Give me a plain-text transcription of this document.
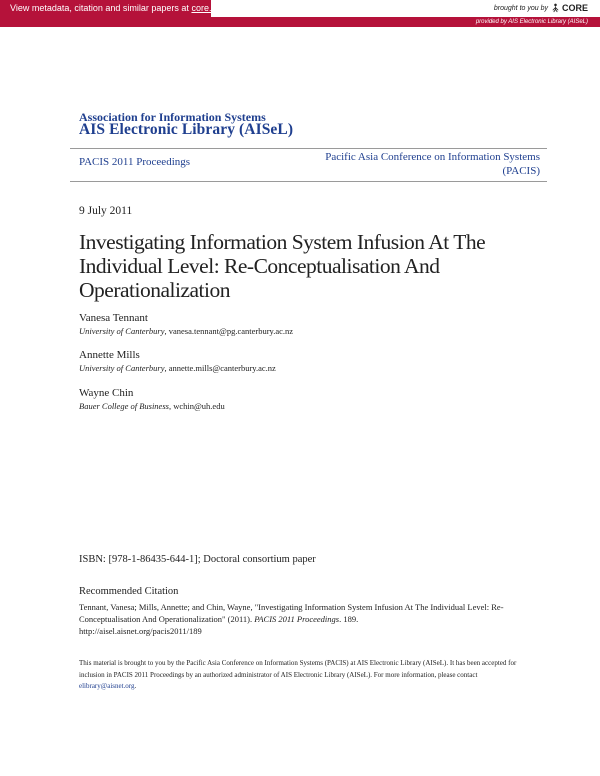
View metadata, citation and similar papers at core.ac.uk	brought to you by CORE
provided by AIS Electronic Library (AISeL)
Association for Information Systems
AIS Electronic Library (AISeL)
PACIS 2011 Proceedings	Pacific Asia Conference on Information Systems
(PACIS)
9 July 2011
Investigating Information System Infusion At The Individual Level: Re-Conceptualisation And Operationalization
Vanesa Tennant
University of Canterbury, vanesa.tennant@pg.canterbury.ac.nz
Annette Mills
University of Canterbury, annette.mills@canterbury.ac.nz
Wayne Chin
Bauer College of Business, wchin@uh.edu
ISBN: [978-1-86435-644-1]; Doctoral consortium paper
Recommended Citation
Tennant, Vanesa; Mills, Annette; and Chin, Wayne, "Investigating Information System Infusion At The Individual Level: Re-Conceptualisation And Operationalization" (2011). PACIS 2011 Proceedings. 189.
http://aisel.aisnet.org/pacis2011/189
This material is brought to you by the Pacific Asia Conference on Information Systems (PACIS) at AIS Electronic Library (AISeL). It has been accepted for inclusion in PACIS 2011 Proceedings by an authorized administrator of AIS Electronic Library (AISeL). For more information, please contact elibrary@aisnet.org.
